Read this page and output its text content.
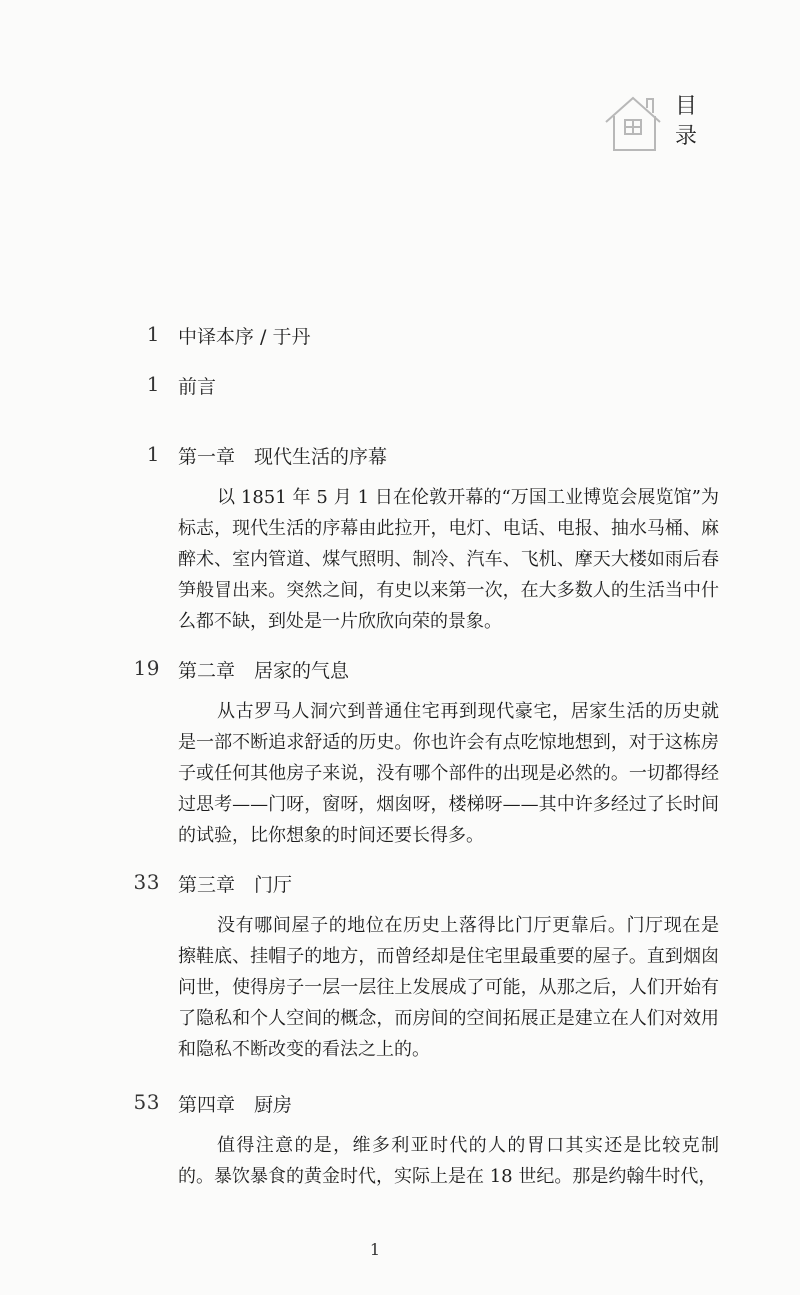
目录
1 中译本序 / 于丹
1 前言
1 第一章　现代生活的序幕

以 1851 年 5 月 1 日在伦敦开幕的“万国工业博览会展览馆”为标志，现代生活的序幕由此拉开，电灯、电话、电报、抽水马桶、麻醉术、室内管道、煤气照明、制冷、汽车、飞机、摩天大楼如雨后春笋般冒出来。突然之间，有史以来第一次，在大多数人的生活当中什么都不缺，到处是一片欣欣向荣的景象。

19 第二章　居家的气息

从古罗马人洞穴到普通住宅再到现代豪宅，居家生活的历史就是一部不断追求舒适的历史。你也许会有点吃惊地想到，对于这栋房子或任何其他房子来说，没有哪个部件的出现是必然的。一切都得经过思考——门呀，窗呀，烟囱呀，楼梯呀——其中许多经过了长时间的试验，比你想象的时间还要长得多。

33 第三章　门厅

没有哪间屋子的地位在历史上落得比门厅更靠后。门厅现在是擦鞋底、挂帽子的地方，而曾经却是住宅里最重要的屋子。直到烟囱问世，使得房子一层一层往上发展成了可能，从那之后，人们开始有了隐私和个人空间的概念，而房间的空间拓展正是建立在人们对效用和隐私不断改变的看法之上的。

53 第四章　厨房

值得注意的是，维多利亚时代的人的胃口其实还是比较克制的。暴饮暴食的黄金时代，实际上是在 18 世纪。那是约翰牛时代，

1
